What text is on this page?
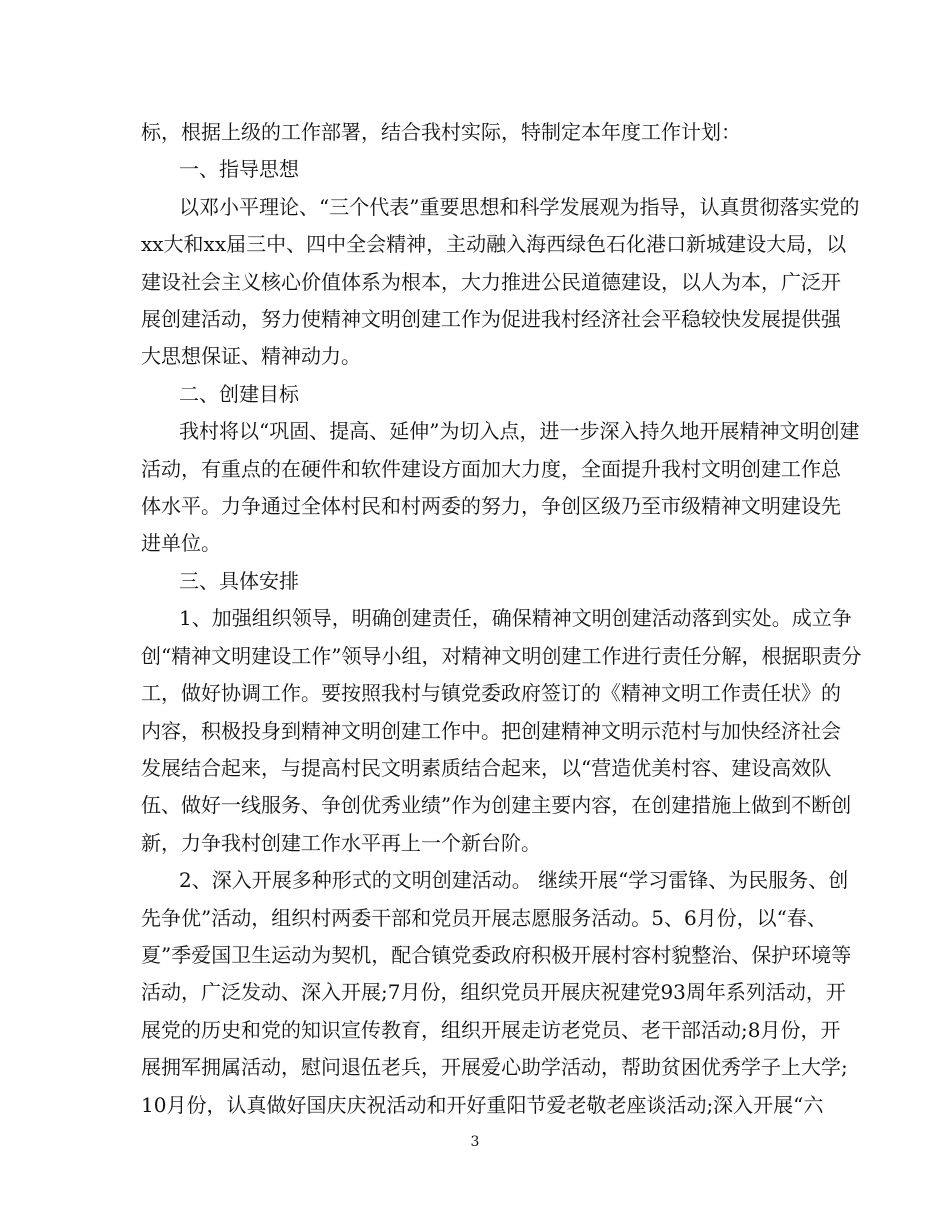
标，根据上级的工作部署，结合我村实际，特制定本年度工作计划：

一、指导思想

以邓小平理论、“三个代表”重要思想和科学发展观为指导，认真贯彻落实党的
xx大和xx届三中、四中全会精神，主动融入海西绿色石化港口新城建设大局，以
建设社会主义核心价值体系为根本，大力推进公民道德建设，以人为本，广泛开
展创建活动，努力使精神文明创建工作为促进我村经济社会平稳较快发展提供强
大思想保证、精神动力。

二、创建目标

我村将以“巩固、提高、延伸”为切入点，进一步深入持久地开展精神文明创建
活动，有重点的在硬件和软件建设方面加大力度，全面提升我村文明创建工作总
体水平。力争通过全体村民和村两委的努力，争创区级乃至市级精神文明建设先
进单位。

三、具体安排

1、加强组织领导，明确创建责任，确保精神文明创建活动落到实处。成立争
创“精神文明建设工作”领导小组，对精神文明创建工作进行责任分解，根据职责分
工，做好协调工作。要按照我村与镇党委政府签订的《精神文明工作责任状》的
内容，积极投身到精神文明创建工作中。把创建精神文明示范村与加快经济社会
发展结合起来，与提高村民文明素质结合起来，以“营造优美村容、建设高效队
伍、做好一线服务、争创优秀业绩”作为创建主要内容，在创建措施上做到不断创
新，力争我村创建工作水平再上一个新台阶。

2、深入开展多种形式的文明创建活动。 继续开展“学习雷锋、为民服务、创
先争优”活动，组织村两委干部和党员开展志愿服务活动。5、6月份，以“春、
夏”季爱国卫生运动为契机，配合镇党委政府积极开展村容村貌整治、保护环境等
活动，广泛发动、深入开展;7月份，组织党员开展庆祝建党93周年系列活动，开
展党的历史和党的知识宣传教育，组织开展走访老党员、老干部活动;8月份，开
展拥军拥属活动，慰问退伍老兵，开展爱心助学活动，帮助贫困优秀学子上大学;
10月份，认真做好国庆庆祝活动和开好重阳节爱老敬老座谈活动;深入开展“六

3
